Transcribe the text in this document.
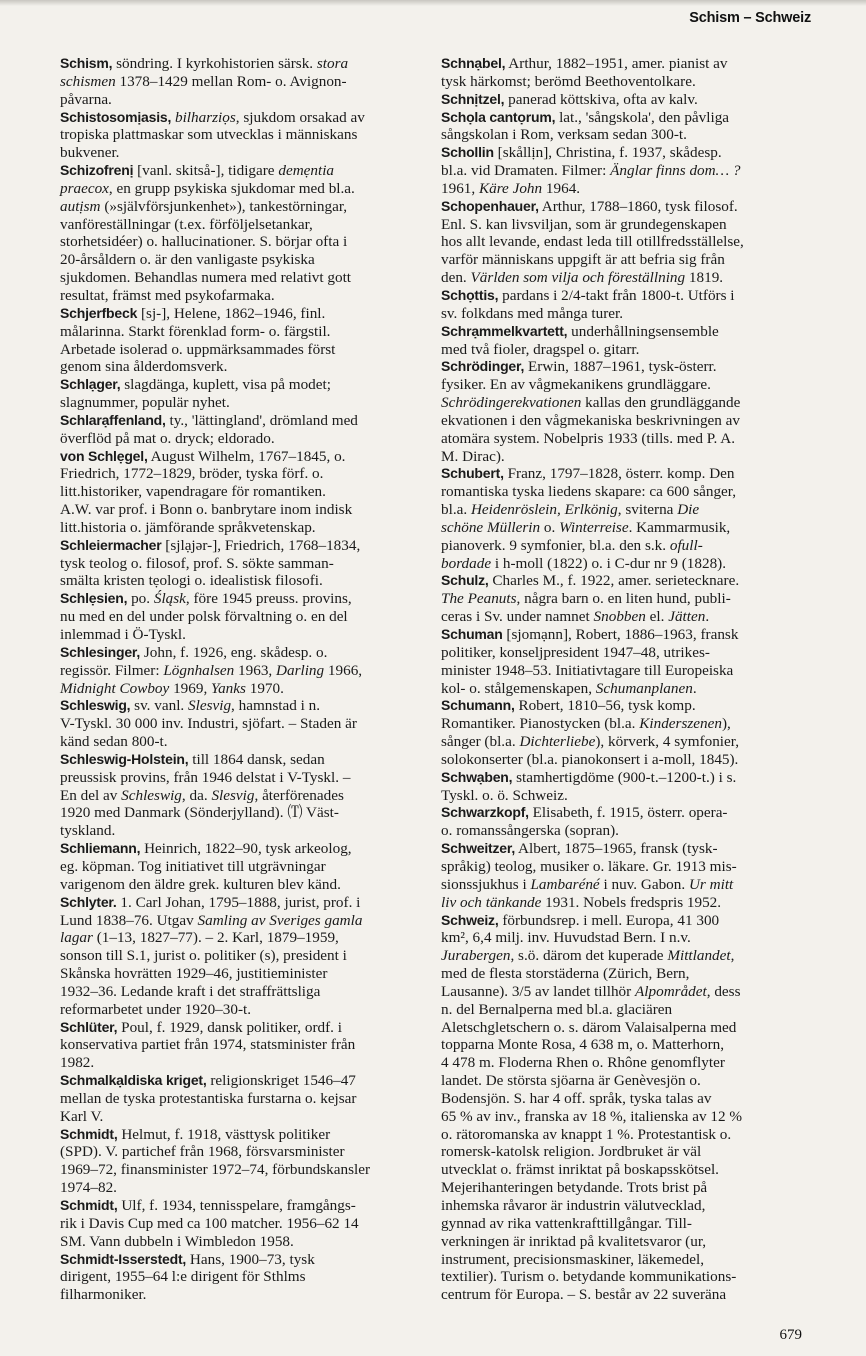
Schism – Schweiz
Schism, söndring. I kyrkohistorien särsk. stora
schismen 1378–1429 mellan Rom- o. Avignon-
påvarna.
Schistosomịasis, bilharziọs, sjukdom orsakad av
tropiska plattmaskar som utvecklas i människans
bukvener.
Schizofrenị [vanl. skitså-], tidigare demẹntia
praecox, en grupp psykiska sjukdomar med bl.a.
autịsm (»självförsjunkenhet»), tankestörningar,
vanföreställningar (t.ex. förföljelsetankar,
storhetsidéer) o. hallucinationer. S. börjar ofta i
20-årsåldern o. är den vanligaste psykiska
sjukdomen. Behandlas numera med relativt gott
resultat, främst med psykofarmaka.
Schjerfbeck [sj-], Helene, 1862–1946, finl.
målarinna. Starkt förenklad form- o. färgstil.
Arbetade isolerad o. uppmärksammades först
genom sina ålderdomsverk.
Schlạger, slagdänga, kuplett, visa på modet;
slagnummer, populär nyhet.
Schlarạffenland, ty., 'lättingland', drömland med
överflöd på mat o. dryck; eldorado.
von Schlẹgel, August Wilhelm, 1767–1845, o.
Friedrich, 1772–1829, bröder, tyska förf. o.
litt.historiker, vapendragare för romantiken.
A.W. var prof. i Bonn o. banbrytare inom indisk
litt.historia o. jämförande språkvetenskap.
Schleiermacher [sjlạjər-], Friedrich, 1768–1834,
tysk teolog o. filosof, prof. S. sökte samman-
smälta kristen tẹologi o. idealistisk filosofi.
Schlẹsien, po. Śląsk, före 1945 preuss. provins,
nu med en del under polsk förvaltning o. en del
inlemmad i Ö-Tyskl.
Schlesinger, John, f. 1926, eng. skådesp. o.
regissör. Filmer: Lögnhalsen 1963, Darling 1966,
Midnight Cowboy 1969, Yanks 1970.
Schleswig, sv. vanl. Slesvig, hamnstad i n.
V-Tyskl. 30 000 inv. Industri, sjöfart. – Staden är
känd sedan 800-t.
Schleswig-Holstein, till 1864 dansk, sedan
preussisk provins, från 1946 delstat i V-Tyskl. –
En del av Schleswig, da. Slesvig, återförenades
1920 med Danmark (Sönderjylland). 🄣 Väst-
tyskland.
Schliemann, Heinrich, 1822–90, tysk arkeolog,
eg. köpman. Tog initiativet till utgrävningar
varigenom den äldre grek. kulturen blev känd.
Schlyter. 1. Carl Johan, 1795–1888, jurist, prof. i
Lund 1838–76. Utgav Samling av Sveriges gamla
lagar (1–13, 1827–77). – 2. Karl, 1879–1959,
sonson till S.1, jurist o. politiker (s), president i
Skånska hovrätten 1929–46, justitieminister
1932–36. Ledande kraft i det straffrättsliga
reformarbetet under 1920–30-t.
Schlüter, Poul, f. 1929, dansk politiker, ordf. i
konservativa partiet från 1974, statsminister från
1982.
Schmalkạldiska kriget, religionskriget 1546–47
mellan de tyska protestantiska furstarna o. kejsar
Karl V.
Schmidt, Helmut, f. 1918, västtysk politiker
(SPD). V. partichef från 1968, försvarsminister
1969–72, finansminister 1972–74, förbundskansler
1974–82.
Schmidt, Ulf, f. 1934, tennisspelare, framgångs-
rik i Davis Cup med ca 100 matcher. 1956–62 14
SM. Vann dubbeln i Wimbledon 1958.
Schmidt-Isserstedt, Hans, 1900–73, tysk
dirigent, 1955–64 l:e dirigent för Sthlms
filharmoniker.
Schnạbel, Arthur, 1882–1951, amer. pianist av
tysk härkomst; berömd Beethoventolkare.
Schnịtzel, panerad köttskiva, ofta av kalv.
Schọla cantọrum, lat., 'sångskola', den påvliga
sångskolan i Rom, verksam sedan 300-t.
Schollin [skållịn], Christina, f. 1937, skådesp.
bl.a. vid Dramaten. Filmer: Änglar finns dom… ?
1961, Käre John 1964.
Schopenhauer, Arthur, 1788–1860, tysk filosof.
Enl. S. kan livsviljan, som är grundegenskapen
hos allt levande, endast leda till otillfredsställelse,
varför människans uppgift är att befria sig från
den. Världen som vilja och föreställning 1819.
Schọttis, pardans i 2/4-takt från 1800-t. Utförs i
sv. folkdans med många turer.
Schrạmmelkvartett, underhållningsensemble
med två fioler, dragspel o. gitarr.
Schrödinger, Erwin, 1887–1961, tysk-österr.
fysiker. En av vågmekanikens grundläggare.
Schrödingerekvationen kallas den grundläggande
ekvationen i den vågmekaniska beskrivningen av
atomära system. Nobelpris 1933 (tills. med P. A.
M. Dirac).
Schubert, Franz, 1797–1828, österr. komp. Den
romantiska tyska liedens skapare: ca 600 sånger,
bl.a. Heidenröslein, Erlkönig, sviterna Die
schöne Müllerin o. Winterreise. Kammarmusik,
pianoverk. 9 symfonier, bl.a. den s.k. ofull-
bordade i h-moll (1822) o. i C-dur nr 9 (1828).
Schulz, Charles M., f. 1922, amer. serietecknare.
The Peanuts, några barn o. en liten hund, publi-
ceras i Sv. under namnet Snobben el. Jätten.
Schuman [sjomạnn], Robert, 1886–1963, fransk
politiker, konseljpresident 1947–48, utrikes-
minister 1948–53. Initiativtagare till Europeiska
kol- o. stålgemenskapen, Schumanplanen.
Schumann, Robert, 1810–56, tysk komp.
Romantiker. Pianostycken (bl.a. Kinderszenen),
sånger (bl.a. Dichterliebe), körverk, 4 symfonier,
solokonserter (bl.a. pianokonsert i a-moll, 1845).
Schwạben, stamhertigdöme (900-t.–1200-t.) i s.
Tyskl. o. ö. Schweiz.
Schwarzkopf, Elisabeth, f. 1915, österr. opera-
o. romanssångerska (sopran).
Schweitzer, Albert, 1875–1965, fransk (tysk-
språkig) teolog, musiker o. läkare. Gr. 1913 mis-
sionssjukhus i Lambaréné i nuv. Gabon. Ur mitt
liv och tänkande 1931. Nobels fredspris 1952.
Schweiz, förbundsrep. i mell. Europa, 41 300
km², 6,4 milj. inv. Huvudstad Bern. I n.v.
Jurabergen, s.ö. därom det kuperade Mittlandet,
med de flesta storstäderna (Zürich, Bern,
Lausanne). 3/5 av landet tillhör Alpområdet, dess
n. del Bernalperna med bl.a. glaciären
Aletschgletschern o. s. därom Valaisalperna med
topparna Monte Rosa, 4 638 m, o. Matterhorn,
4 478 m. Floderna Rhen o. Rhône genomflyter
landet. De största sjöarna är Genèvesjön o.
Bodensjön. S. har 4 off. språk, tyska talas av
65 % av inv., franska av 18 %, italienska av 12 %
o. rätoromanska av knappt 1 %. Protestantisk o.
romersk-katolsk religion. Jordbruket är väl
utvecklat o. främst inriktat på boskapsskötsel.
Mejerihanteringen betydande. Trots brist på
inhemska råvaror är industrin välutvecklad,
gynnad av rika vattenkrafttillgångar. Till-
verkningen är inriktad på kvalitetsvaror (ur,
instrument, precisionsmaskiner, läkemedel,
textilier). Turism o. betydande kommunikations-
centrum för Europa. – S. består av 22 suveräna
679
